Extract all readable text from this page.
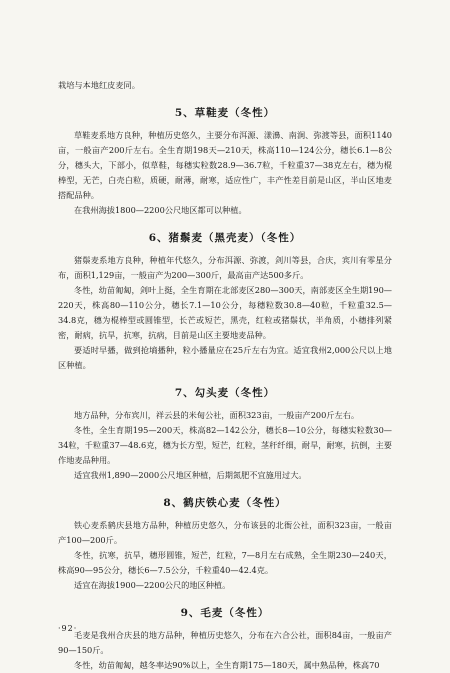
栽培与本地红皮麦同。

5、草鞋麦（冬性）

草鞋麦系地方良种，种植历史悠久，主要分布洱源、漾濞、南涧、弥渡等县，面积1140亩，一般亩产200斤左右。全生育期198天—210天，株高110—124公分，穗长6.1—8公分，穗头大，下部小，似草鞋，每穗实粒数28.9—36.7粒，千粒重37—38克左右，穗为棍棒型，无芒，白壳白粒，质硬，耐薄，耐寒，适应性广，丰产性差目前是山区，半山区地麦搭配品种。

在我州海拔1800—2200公尺地区都可以种植。

6、猪鬃麦（黑壳麦）（冬性）

猪鬃麦系地方良种，种植年代悠久，分布洱源、弥渡，剑川等县，合庆，宾川有零星分布，面积1,129亩，一般亩产为200—300斤，最高亩产达500多斤。

冬性，幼苗匍匐，剑叶上挺，全生育期在北部麦区280—300天，南部麦区全生期190—220天，株高80—110公分，穗长7.1—10公分，每穗粒数30.8—40粒，千粒重32.5—34.8克，穗为棍棒型或圆锥型，长芒或短芒，黑壳，红粒或猪鬃状，半角质，小穗排列紧密，耐病，抗旱，抗寒，抗病，目前是山区主要地麦品种。

要适时早播，做到抢墒播种，粒小播量应在25斤左右为宜。适宜我州2,000公尺以上地区种植。

7、勾头麦（冬性）

地方品种，分布宾川，祥云县的米甸公社，面积323亩，一般亩产200斤左右。

冬性，全生育期195—200天，株高82—142公分，穗长8—10公分，每穗实粒数30—34粒，千粒重37—48.6克，穗为长方型，短芒，红粒，茎秆纤细，耐旱，耐寒，抗倒，主要作地麦品种用。

适宜我州1,890—2000公尺地区种植，后期氮肥不宜施用过大。

8、鹤庆铁心麦（冬性）

铁心麦系鹤庆县地方品种，种植历史悠久，分布该县的北衙公社，面积323亩，一般亩产100—200斤。

冬性，抗寒，抗旱，穗形圆锥，短芒，红粒，7—8月左右成熟，全生期230—240天，株高90—95公分，穗长6—7.5公分，千粒重40—42.4克。

适宜在海拔1900—2200公尺的地区种植。

9、毛麦（冬性）

毛麦是我州合庆县的地方品种，种植历史悠久，分布在六合公社，面积84亩，一般亩产90—150斤。

冬性，幼苗匍匐，越冬率达90%以上，全生育期175—180天，属中熟品种，株高70

·92·
